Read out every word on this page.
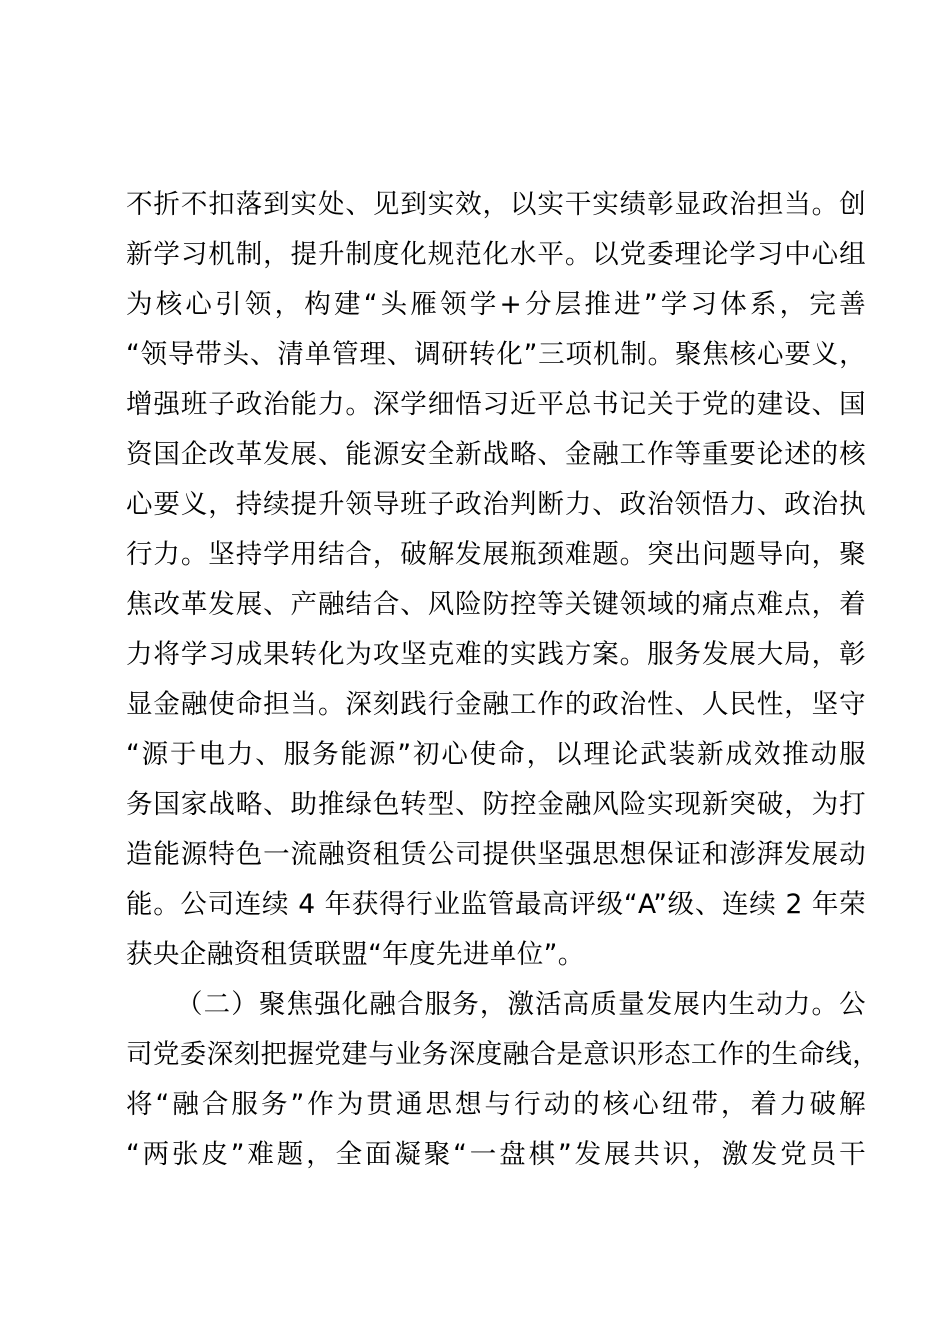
不折不扣落到实处、见到实效，以实干实绩彰显政治担当。创
新学习机制，提升制度化规范化水平。以党委理论学习中心组
为核心引领，构建“头雁领学+分层推进”学习体系，完善
“领导带头、清单管理、调研转化”三项机制。聚焦核心要义，
增强班子政治能力。深学细悟习近平总书记关于党的建设、国
资国企改革发展、能源安全新战略、金融工作等重要论述的核
心要义，持续提升领导班子政治判断力、政治领悟力、政治执
行力。坚持学用结合，破解发展瓶颈难题。突出问题导向，聚
焦改革发展、产融结合、风险防控等关键领域的痛点难点，着
力将学习成果转化为攻坚克难的实践方案。服务发展大局，彰
显金融使命担当。深刻践行金融工作的政治性、人民性，坚守
“源于电力、服务能源”初心使命，以理论武装新成效推动服
务国家战略、助推绿色转型、防控金融风险实现新突破，为打
造能源特色一流融资租赁公司提供坚强思想保证和澎湃发展动
能。公司连续 4 年获得行业监管最高评级“A”级、连续 2 年荣
获央企融资租赁联盟“年度先进单位”。
（二）聚焦强化融合服务，激活高质量发展内生动力。公
司党委深刻把握党建与业务深度融合是意识形态工作的生命线，
将“融合服务”作为贯通思想与行动的核心纽带，着力破解
“两张皮”难题，全面凝聚“一盘棋”发展共识，激发党员干
